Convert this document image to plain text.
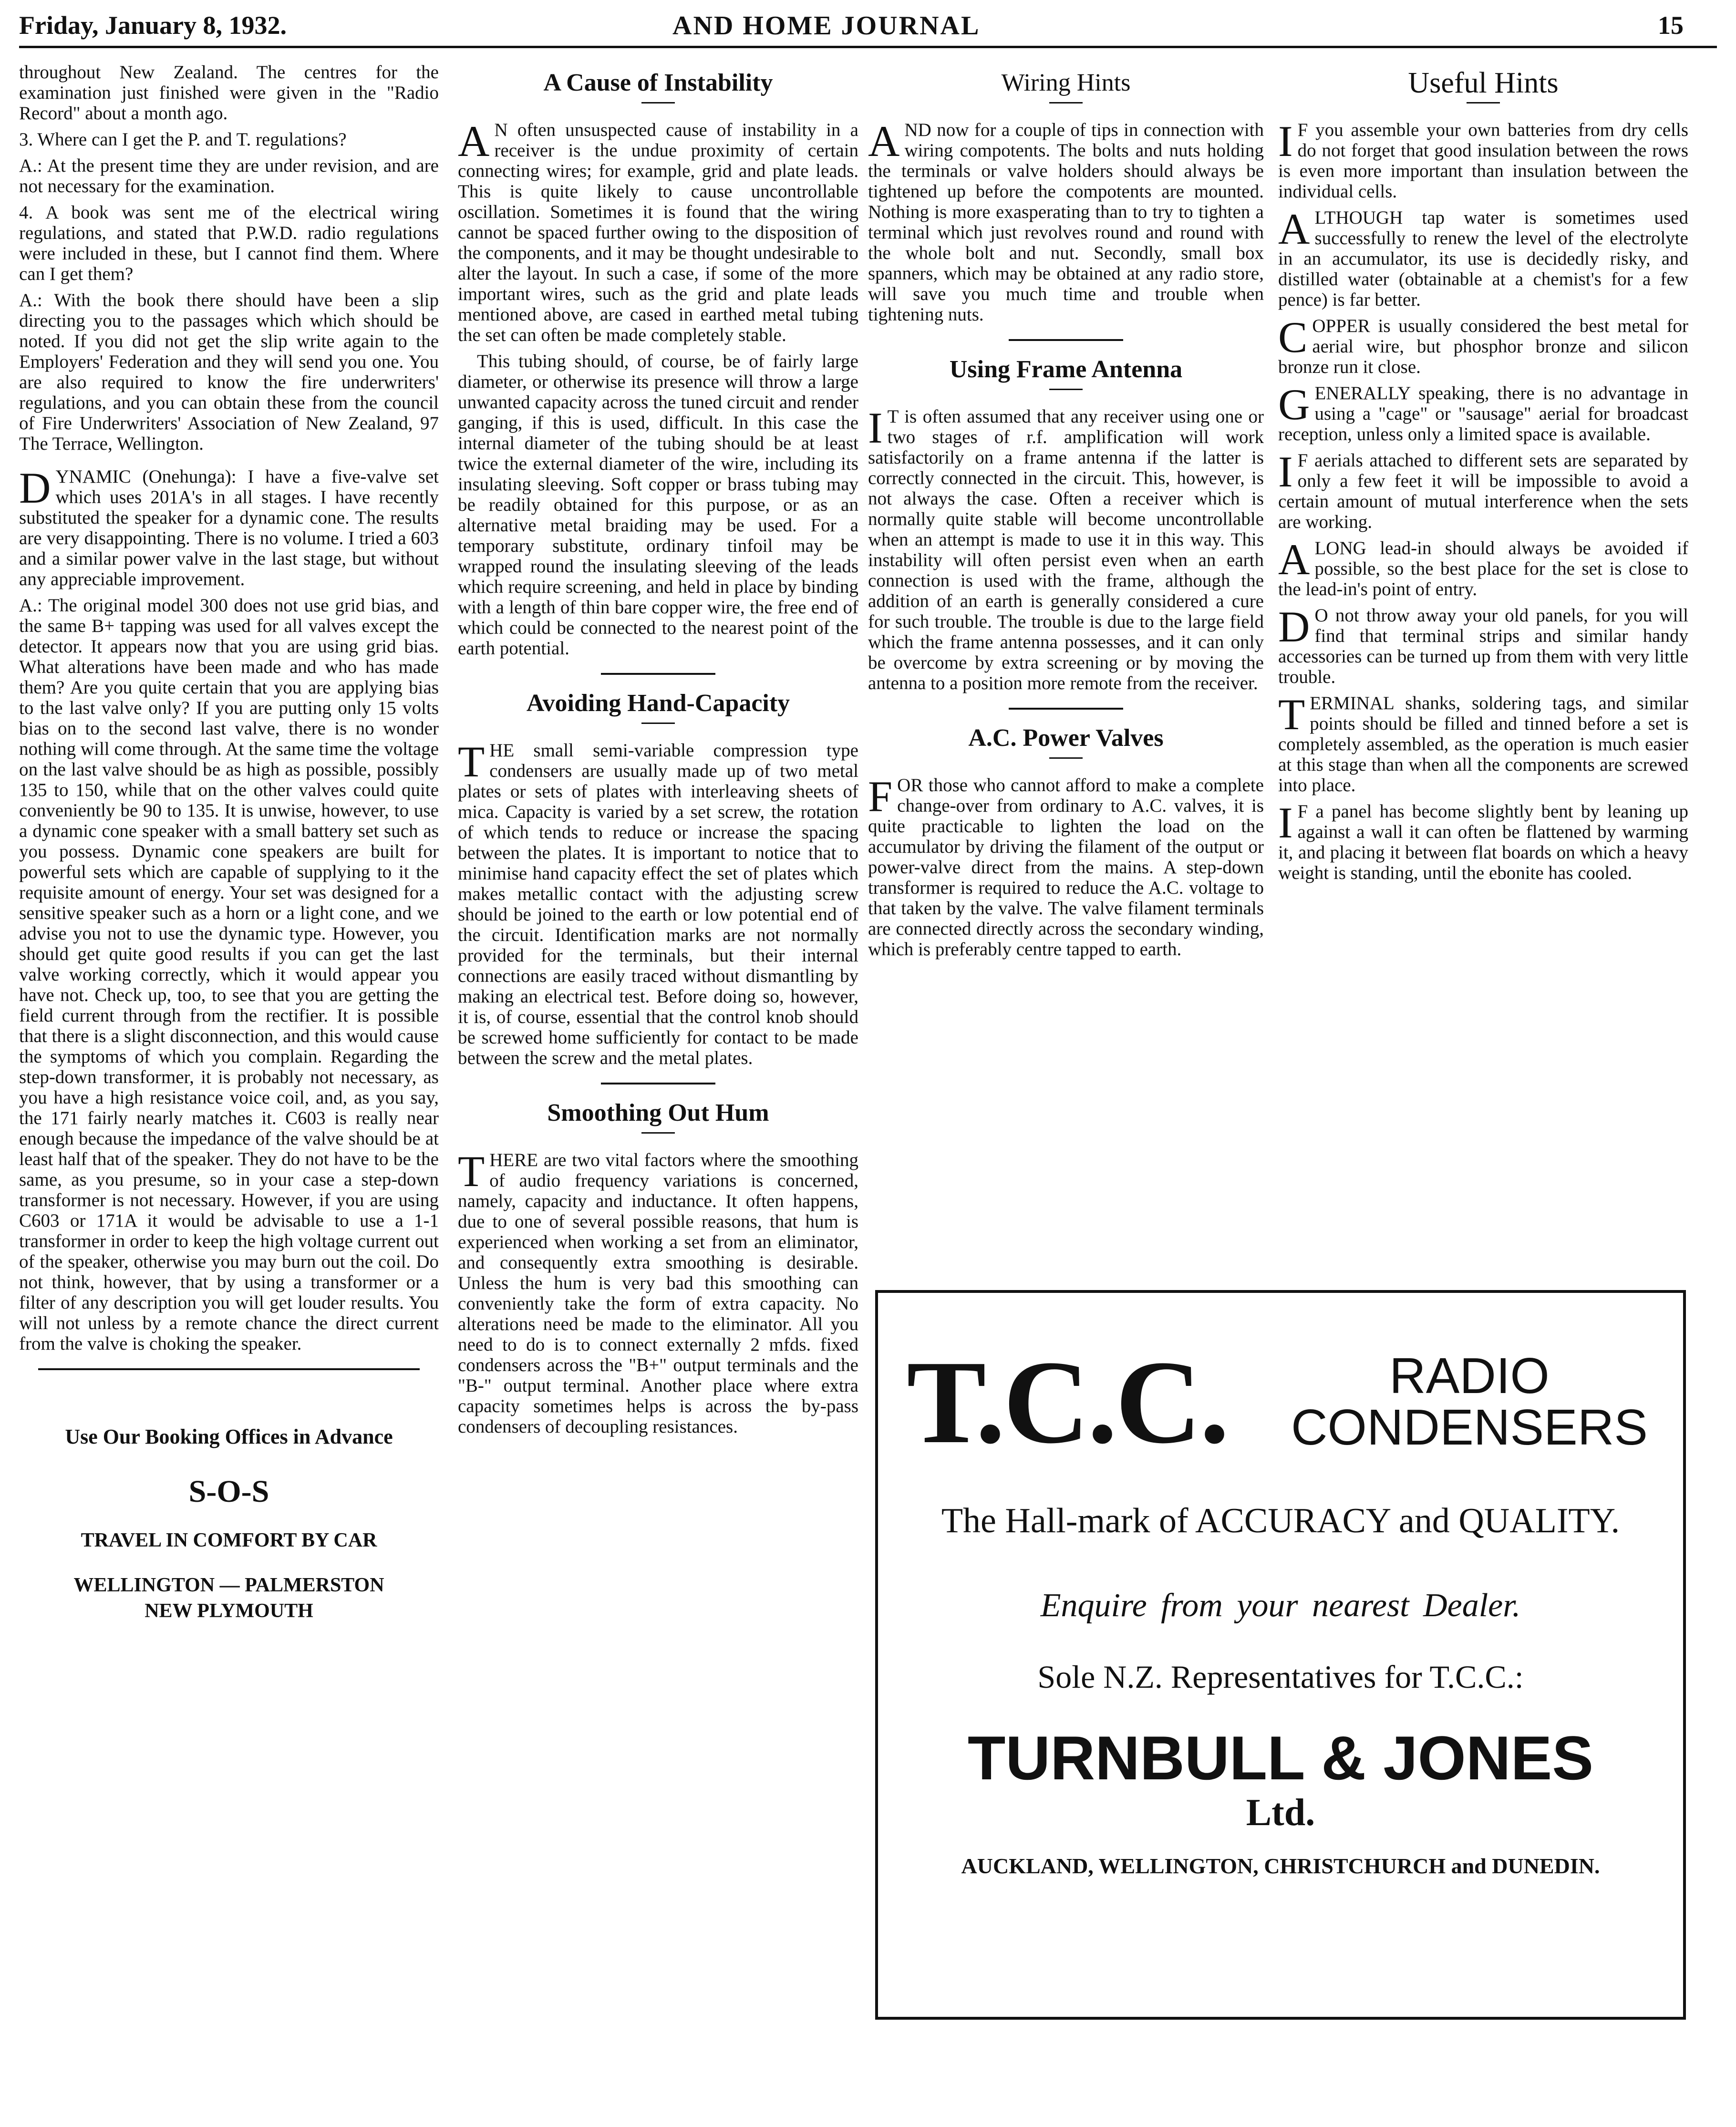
Friday, January 8, 1932.	AND HOME JOURNAL	15

throughout New Zealand. The centres for the examination just finished were given in the "Radio Record" about a month ago.

3. Where can I get the P. and T. regulations?

A.: At the present time they are under revision, and are not necessary for the examination.

4. A book was sent me of the electrical wiring regulations, and stated that P.W.D. radio regulations were included in these, but I cannot find them. Where can I get them?

A.: With the book there should have been a slip directing you to the passages which which should be noted. If you did not get the slip write again to the Employers' Federation and they will send you one. You are also required to know the fire underwriters' regulations, and you can obtain these from the council of Fire Underwriters' Association of New Zealand, 97 The Terrace, Wellington.

DYNAMIC (Onehunga): I have a five-valve set which uses 201A's in all stages. I have recently substituted the speaker for a dynamic cone. The results are very disappointing. There is no volume. I tried a 603 and a similar power valve in the last stage, but without any appreciable improvement.

A.: The original model 300 does not use grid bias, and the same B+ tapping was used for all valves except the detector. It appears now that you are using grid bias. What alterations have been made and who has made them? Are you quite certain that you are applying bias to the last valve only? If you are putting only 15 volts bias on to the second last valve, there is no wonder nothing will come through. At the same time the voltage on the last valve should be as high as possible, possibly 135 to 150, while that on the other valves could quite conveniently be 90 to 135. It is unwise, however, to use a dynamic cone speaker with a small battery set such as you possess. Dynamic cone speakers are built for powerful sets which are capable of supplying to it the requisite amount of energy. Your set was designed for a sensitive speaker such as a horn or a light cone, and we advise you not to use the dynamic type. However, you should get quite good results if you can get the last valve working correctly, which it would appear you have not. Check up, too, to see that you are getting the field current through from the rectifier. It is possible that there is a slight disconnection, and this would cause the symptoms of which you complain. Regarding the step-down transformer, it is probably not necessary, as you have a high resistance voice coil, and, as you say, the 171 fairly nearly matches it. C603 is really near enough because the impedance of the valve should be at least half that of the speaker. They do not have to be the same, as you presume, so in your case a step-down transformer is not necessary. However, if you are using C603 or 171A it would be advisable to use a 1-1 transformer in order to keep the high voltage current out of the speaker, otherwise you may burn out the coil. Do not think, however, that by using a transformer or a filter of any description you will get louder results. You will not unless by a remote chance the direct current from the valve is choking the speaker.

Use Our Booking Offices in Advance
S-O-S
TRAVEL IN COMFORT BY CAR
WELLINGTON — PALMERSTON
NEW PLYMOUTH
A Cause of Instability

A N often unsuspected cause of instability in a receiver is the undue proximity of certain connecting wires; for example, grid and plate leads. This is quite likely to cause uncontrollable oscillation. Sometimes it is found that the wiring cannot be spaced further owing to the disposition of the components, and it may be thought undesirable to alter the layout. In such a case, if some of the more important wires, such as the grid and plate leads mentioned above, are cased in earthed metal tubing the set can often be made completely stable.

This tubing should, of course, be of fairly large diameter, or otherwise its presence will throw a large unwanted capacity across the tuned circuit and render ganging, if this is used, difficult. In this case the internal diameter of the tubing should be at least twice the external diameter of the wire, including its insulating sleeving. Soft copper or brass tubing may be readily obtained for this purpose, or as an alternative metal braiding may be used. For a temporary substitute, ordinary tinfoil may be wrapped round the insulating sleeving of the leads which require screening, and held in place by binding with a length of thin bare copper wire, the free end of which could be connected to the nearest point of the earth potential.

Avoiding Hand-Capacity

THE small semi-variable compression type condensers are usually made up of two metal plates or sets of plates with interleaving sheets of mica. Capacity is varied by a set screw, the rotation of which tends to reduce or increase the spacing between the plates. It is important to notice that to minimise hand capacity effect the set of plates which makes metallic contact with the adjusting screw should be joined to the earth or low potential end of the circuit. Identification marks are not normally provided for the terminals, but their internal connections are easily traced without dismantling by making an electrical test. Before doing so, however, it is, of course, essential that the control knob should be screwed home sufficiently for contact to be made between the screw and the metal plates.

Smoothing Out Hum

THERE are two vital factors where the smoothing of audio frequency variations is concerned, namely, capacity and inductance. It often happens, due to one of several possible reasons, that hum is experienced when working a set from an eliminator, and consequently extra smoothing is desirable. Unless the hum is very bad this smoothing can conveniently take the form of extra capacity. No alterations need be made to the eliminator. All you need to do is to connect externally 2 mfds. fixed condensers across the "B+" output terminals and the "B-" output terminal. Another place where extra capacity sometimes helps is across the by-pass condensers of decoupling resistances.

Wiring Hints

AND now for a couple of tips in connection with wiring compotents. The bolts and nuts holding the terminals or valve holders should always be tightened up before the compotents are mounted. Nothing is more exasperating than to try to tighten a terminal which just revolves round and round with the whole bolt and nut. Secondly, small box spanners, which may be obtained at any radio store, will save you much time and trouble when tightening nuts.

Using Frame Antenna

I T is often assumed that any receiver using one or two stages of r.f. amplification will work satisfactorily on a frame antenna if the latter is correctly connected in the circuit. This, however, is not always the case. Often a receiver which is normally quite stable will become uncontrollable when an attempt is made to use it in this way. This instability will often persist even when an earth connection is used with the frame, although the addition of an earth is generally considered a cure for such trouble. The trouble is due to the large field which the frame antenna possesses, and it can only be overcome by extra screening or by moving the antenna to a position more remote from the receiver.

A.C. Power Valves

FOR those who cannot afford to make a complete change-over from ordinary to A.C. valves, it is quite practicable to lighten the load on the accumulator by driving the filament of the output or power-valve direct from the mains. A step-down transformer is required to reduce the A.C. voltage to that taken by the valve. The valve filament terminals are connected directly across the secondary winding, which is preferably centre tapped to earth.

Useful Hints

I F you assemble your own batteries from dry cells do not forget that good insulation between the rows is even more important than insulation between the individual cells.

ALTHOUGH tap water is sometimes used successfully to renew the level of the electrolyte in an accumulator, its use is decidedly risky, and distilled water (obtainable at a chemist's for a few pence) is far better.

COPPER is usually considered the best metal for aerial wire, but phosphor bronze and silicon bronze run it close.

GENERALLY speaking, there is no advantage in using a "cage" or "sausage" aerial for broadcast reception, unless only a limited space is available.

I F aerials attached to different sets are separated by only a few feet it will be impossible to avoid a certain amount of mutual interference when the sets are working.

A LONG lead-in should always be avoided if possible, so the best place for the set is close to the lead-in's point of entry.

D O not throw away your old panels, for you will find that terminal strips and similar handy accessories can be turned up from them with very little trouble.

TERMINAL shanks, soldering tags, and similar points should be filled and tinned before a set is completely assembled, as the operation is much easier at this stage than when all the components are screwed into place.

I F a panel has become slightly bent by leaning up against a wall it can often be flattened by warming it, and placing it between flat boards on which a heavy weight is standing, until the ebonite has cooled.

T.C.C.	RADIO
CONDENSERS
The Hall-mark of ACCURACY and QUALITY.
Enquire from your nearest Dealer.
Sole N.Z. Representatives for T.C.C.:
TURNBULL & JONES
Ltd.
AUCKLAND, WELLINGTON, CHRISTCHURCH and DUNEDIN.
